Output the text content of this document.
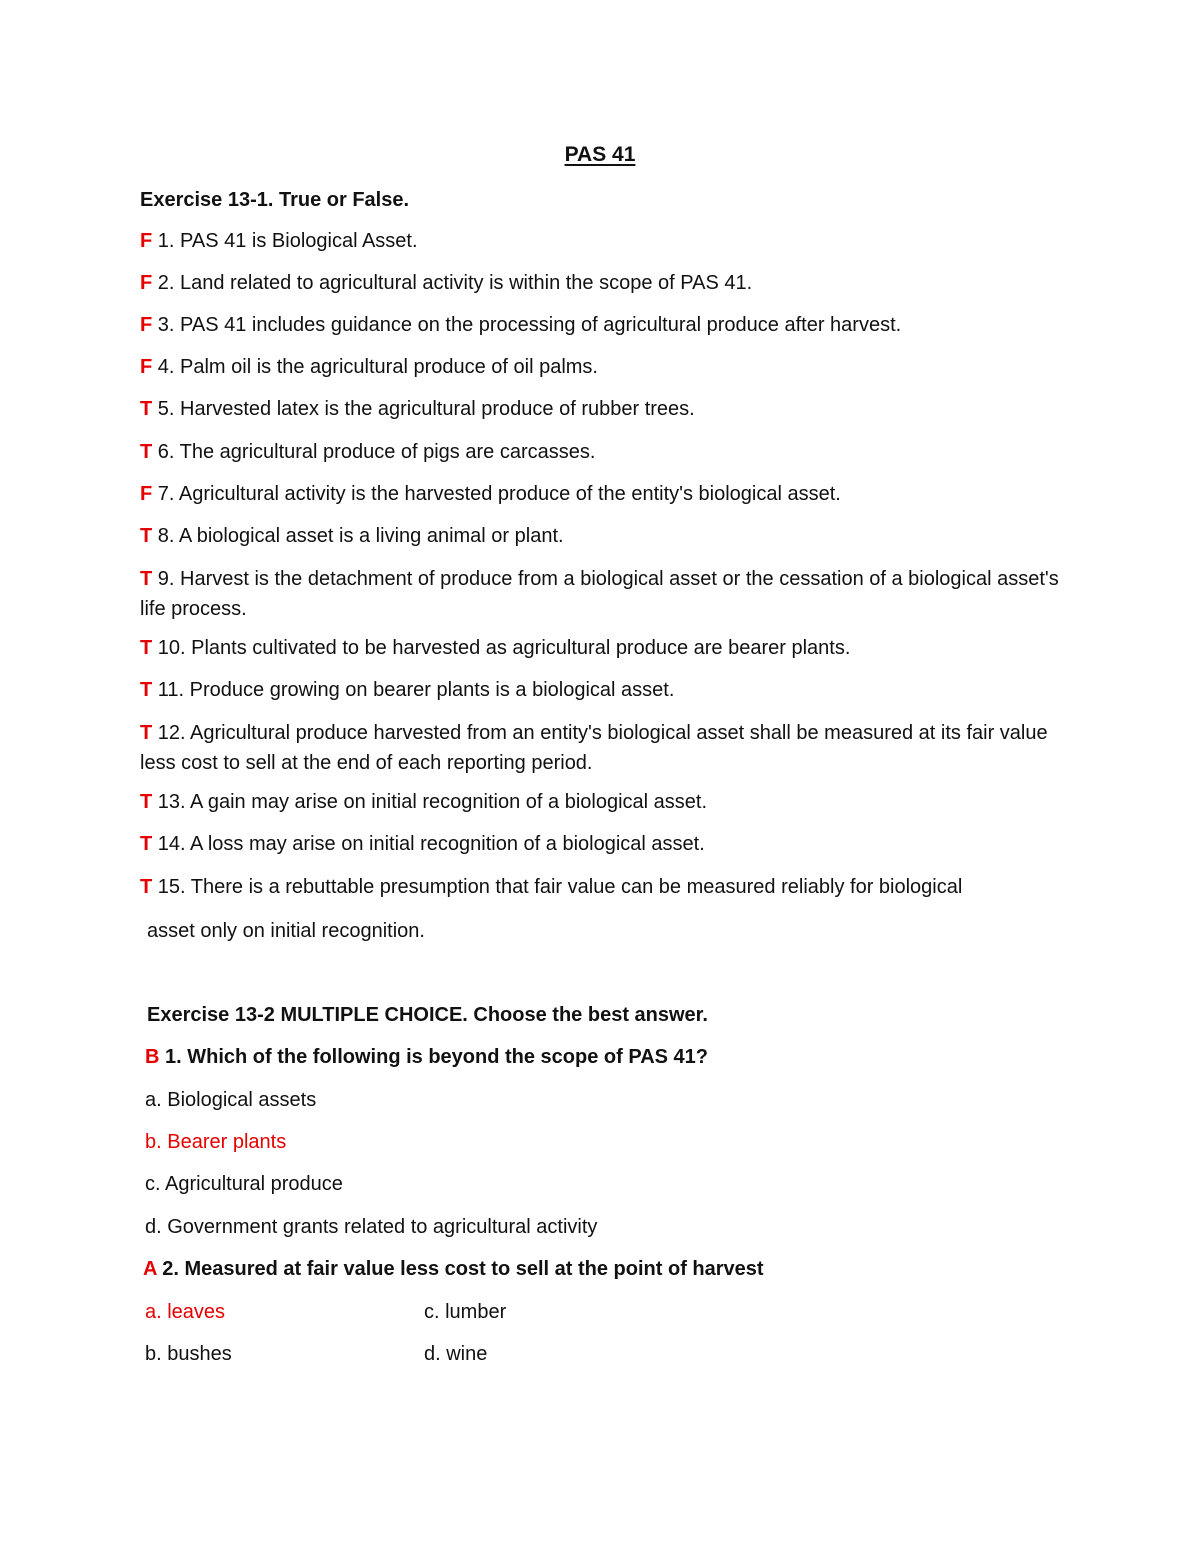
PAS 41
Exercise 13-1. True or False.
F 1. PAS 41 is Biological Asset.
F 2. Land related to agricultural activity is within the scope of PAS 41.
F 3. PAS 41 includes guidance on the processing of agricultural produce after harvest.
F 4. Palm oil is the agricultural produce of oil palms.
T 5. Harvested latex is the agricultural produce of rubber trees.
T 6. The agricultural produce of pigs are carcasses.
F 7. Agricultural activity is the harvested produce of the entity's biological asset.
T 8. A biological asset is a living animal or plant.
T 9. Harvest is the detachment of produce from a biological asset or the cessation of a biological asset's life process.
T 10. Plants cultivated to be harvested as agricultural produce are bearer plants.
T 11. Produce growing on bearer plants is a biological asset.
T 12. Agricultural produce harvested from an entity's biological asset shall be measured at its fair value less cost to sell at the end of each reporting period.
T 13. A gain may arise on initial recognition of a biological asset.
T 14. A loss may arise on initial recognition of a biological asset.
T 15. There is a rebuttable presumption that fair value can be measured reliably for biological
asset only on initial recognition.
Exercise 13-2 MULTIPLE CHOICE. Choose the best answer.
B 1. Which of the following is beyond the scope of PAS 41?
a. Biological assets
b. Bearer plants
c. Agricultural produce
d. Government grants related to agricultural activity
A 2. Measured at fair value less cost to sell at the point of harvest
a. leaves	c. lumber
b. bushes	d. wine
